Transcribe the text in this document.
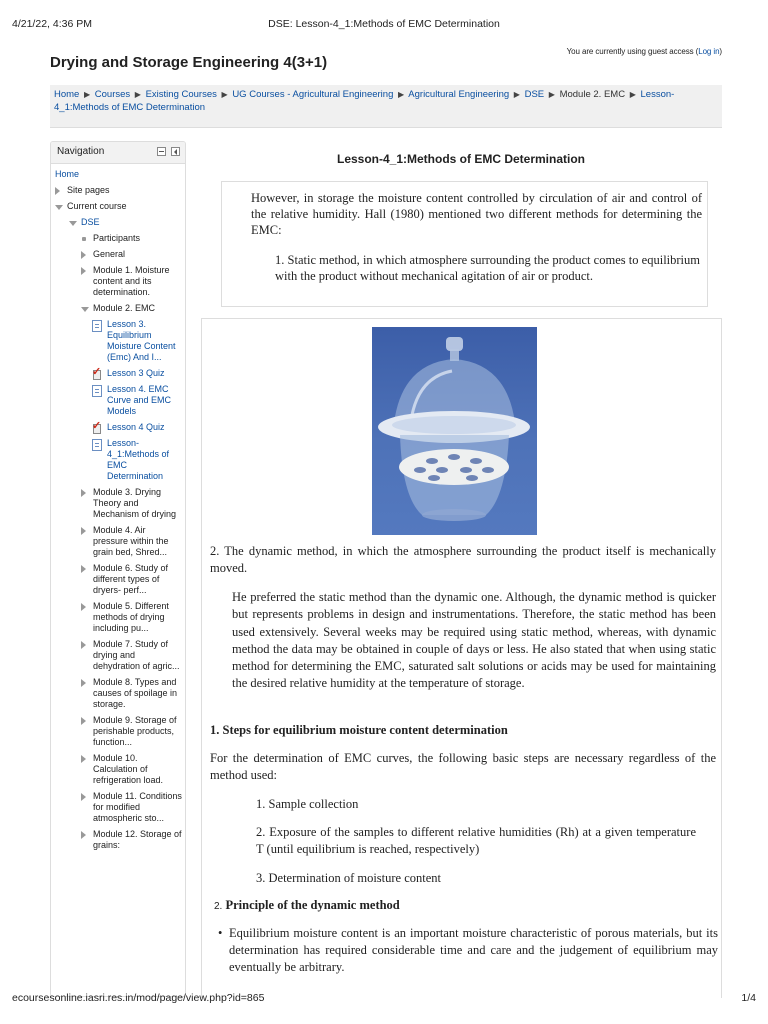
4/21/22, 4:36 PM	DSE: Lesson-4_1:Methods of EMC Determination
Drying and Storage Engineering 4(3+1)
You are currently using guest access (Log in)
Home ▶ Courses ▶ Existing Courses ▶ UG Courses - Agricultural Engineering ▶ Agricultural Engineering ▶ DSE ▶ Module 2. EMC ▶ Lesson-4_1:Methods of EMC Determination
Navigation

Home
Site pages
Current course
DSE
Participants
General
Module 1. Moisture content and its determination.
Module 2. EMC
Lesson 3. Equilibrium Moisture Content (Emc) And I...
✓ Lesson 3 Quiz
Lesson 4. EMC Curve and EMC Models
✓ Lesson 4 Quiz
Lesson-4_1:Methods of EMC Determination
Module 3. Drying Theory and Mechanism of drying
Module 4. Air pressure within the grain bed, Shred...
Module 6. Study of different types of dryers- perf...
Module 5. Different methods of drying including pu...
Module 7. Study of drying and dehydration of agric...
Module 8. Types and causes of spoilage in storage.
Module 9. Storage of perishable products, function...
Module 10. Calculation of refrigeration load.
Module 11. Conditions for modified atmospheric sto...
Module 12. Storage of grains:
Lesson-4_1:Methods of EMC Determination

However, in storage the moisture content controlled by circulation of air and control of the relative humidity. Hall (1980) mentioned two different methods for determining the EMC:

1. Static method, in which atmosphere surrounding the product comes to equilibrium with the product without mechanical agitation of air or product.

2. The dynamic method, in which the atmosphere surrounding the product itself is mechanically moved.

He preferred the static method than the dynamic one. Although, the dynamic method is quicker but represents problems in design and instrumentations. Therefore, the static method has been used extensively. Several weeks may be required using static method, whereas, with dynamic method the data may be obtained in couple of days or less. He also stated that when using static method for determining the EMC, saturated salt solutions or acids may be used for maintaining the desired relative humidity at the temperature of storage.

1. Steps for equilibrium moisture content determination

For the determination of EMC curves, the following basic steps are necessary regardless of the method used:

1. Sample collection

2. Exposure of the samples to different relative humidities (Rh) at a given temperature T (until equilibrium is reached, respectively)

3. Determination of moisture content

2. Principle of the dynamic method

• Equilibrium moisture content is an important moisture characteristic of porous materials, but its determination has required considerable time and care and the judgement of equilibrium may eventually be arbitrary.
ecoursesonline.iasri.res.in/mod/page/view.php?id=865	1/4
